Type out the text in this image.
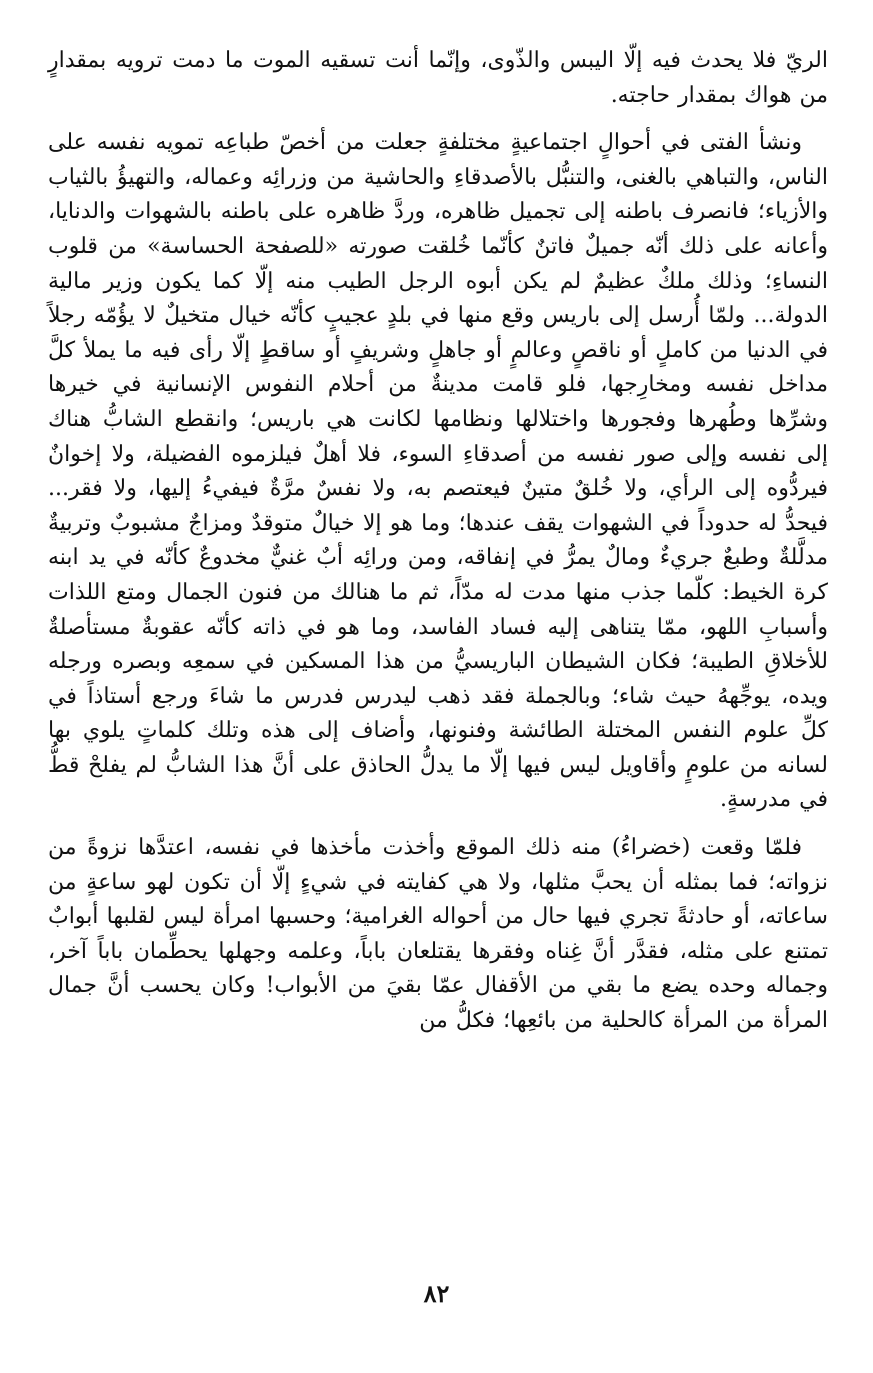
الريّ فلا يحدث فيه إلّا اليبس والذّوى، وإنّما أنت تسقيه الموت ما دمت ترويه بمقدارٍ من هواك بمقدار حاجته.

ونشأ الفتى في أحوالٍ اجتماعيةٍ مختلفةٍ جعلت من أخصّ طباعِه تمويه نفسه على الناس، والتباهي بالغنى، والتنبُّل بالأصدقاءِ والحاشية من وزرائِه وعماله، والتهيؤُ بالثياب والأزياء؛ فانصرف باطنه إلى تجميل ظاهره، وردَّ ظاهره على باطنه بالشهوات والدنايا، وأعانه على ذلك أنّه جميلٌ فاتنٌ كأنّما خُلقت صورته «للصفحة الحساسة» من قلوب النساءِ؛ وذلك ملكٌ عظيمٌ لم يكن أبوه الرجل الطيب منه إلّا كما يكون وزير مالية الدولة... ولمّا أُرسل إلى باريس وقع منها في بلدٍ عجيبٍ كأنّه خيال متخيلٌ لا يؤُمّه رجلاً في الدنيا من كاملٍ أو ناقصٍ وعالمٍ أو جاهلٍ وشريفٍ أو ساقطٍ إلّا رأى فيه ما يملأ كلَّ مداخل نفسه ومخارِجها، فلو قامت مدينةٌ من أحلام النفوس الإنسانية في خيرها وشرِّها وطُهرها وفجورها واختلالها ونظامها لكانت هي باريس؛ وانقطع الشابُّ هناك إلى نفسه وإلى صور نفسه من أصدقاءِ السوء، فلا أهلٌ فيلزموه الفضيلة، ولا إخوانٌ فيردُّوه إلى الرأي، ولا خُلقٌ متينٌ فيعتصم به، ولا نفسٌ مرَّةٌ فيفيءُ إليها، ولا فقر... فيحدُّ له حدوداً في الشهوات يقف عندها؛ وما هو إلا خيالٌ متوقدٌ ومزاجٌ مشبوبٌ وتربيةٌ مدلَّلةٌ وطبعٌ جريءٌ ومالٌ يمرُّ في إنفاقه، ومن ورائِه أبٌ غنيٌّ مخدوعٌ كأنّه في يد ابنه كرة الخيط: كلّما جذب منها مدت له مدّاً، ثم ما هنالك من فنون الجمال ومتع اللذات وأسبابِ اللهو، ممّا يتناهى إليه فساد الفاسد، وما هو في ذاته كأنّه عقوبةٌ مستأصلةٌ للأخلاقِ الطيبة؛ فكان الشيطان الباريسيُّ من هذا المسكين في سمعِه وبصره ورجله ويده، يوجِّههُ حيث شاء؛ وبالجملة فقد ذهب ليدرس فدرس ما شاءَ ورجع أستاذاً في كلِّ علوم النفس المختلة الطائشة وفنونها، وأضاف إلى هذه وتلك كلماتٍ يلوي بها لسانه من علومٍ وأقاويل ليس فيها إلّا ما يدلُّ الحاذق على أنَّ هذا الشابُّ لم يفلحْ قطُّ في مدرسةٍ.

فلمّا وقعت (خضراءُ) منه ذلك الموقع وأخذت مأخذها في نفسه، اعتدَّها نزوةً من نزواته؛ فما بمثله أن يحبَّ مثلها، ولا هي كفايته في شيءٍ إلّا أن تكون لهو ساعةٍ من ساعاته، أو حادثةً تجري فيها حال من أحواله الغرامية؛ وحسبها امرأة ليس لقلبها أبوابٌ تمتنع على مثله، فقدَّر أنَّ غِناه وفقرها يقتلعان باباً، وعلمه وجهلها يحطِّمان باباً آخر، وجماله وحده يضع ما بقي من الأقفال عمّا بقيَ من الأبواب! وكان يحسب أنَّ جمال المرأة من المرأة كالحلية من بائعِها؛ فكلُّ من

٨٢
